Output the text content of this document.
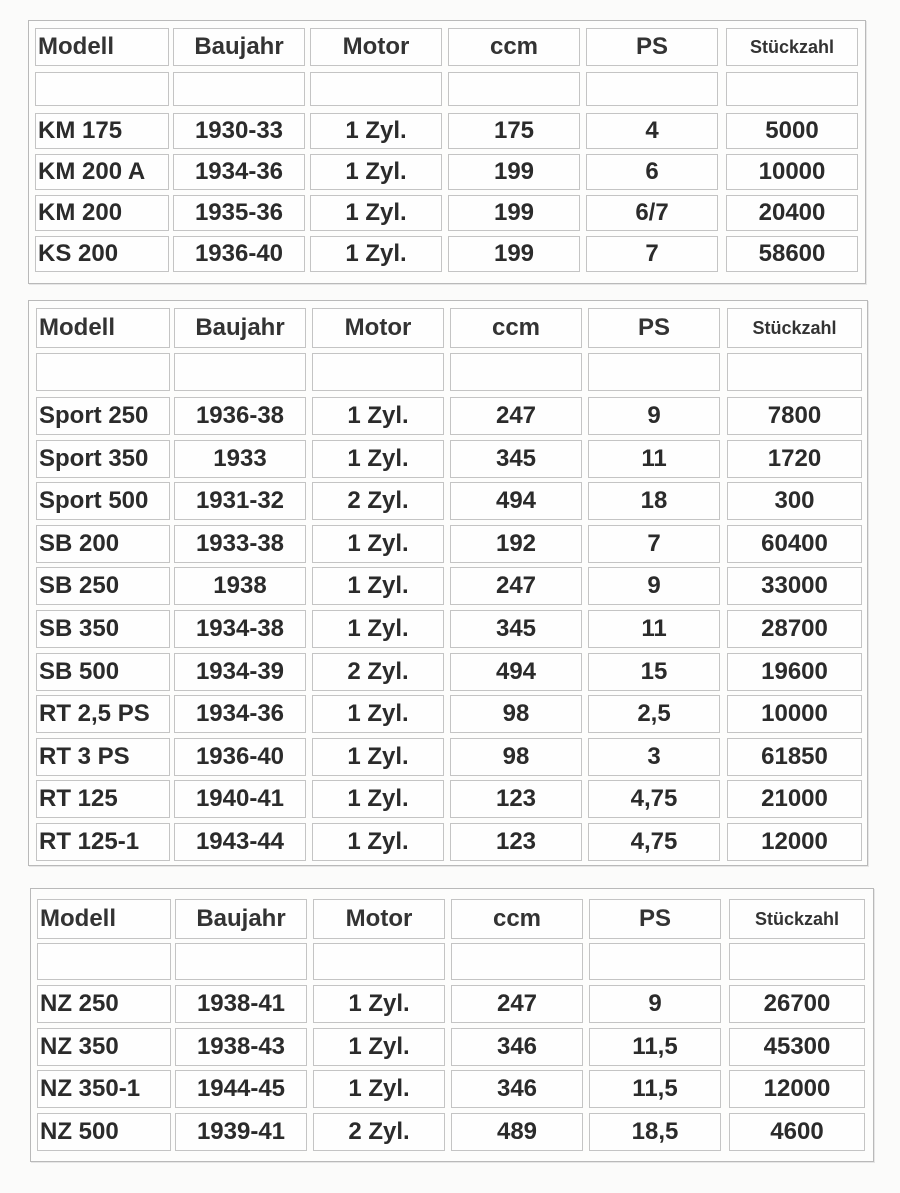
Modell	Baujahr	Motor	ccm	PS	Stückzahl
KM 175	1930-33	1 Zyl.	175	4	5000
KM 200 A	1934-36	1 Zyl.	199	6	10000
KM 200	1935-36	1 Zyl.	199	6/7	20400
KS 200	1936-40	1 Zyl.	199	7	58600
Modell	Baujahr	Motor	ccm	PS	Stückzahl
Sport 250	1936-38	1 Zyl.	247	9	7800
Sport 350	1933	1 Zyl.	345	11	1720
Sport 500	1931-32	2 Zyl.	494	18	300
SB 200	1933-38	1 Zyl.	192	7	60400
SB 250	1938	1 Zyl.	247	9	33000
SB 350	1934-38	1 Zyl.	345	11	28700
SB 500	1934-39	2 Zyl.	494	15	19600
RT 2,5 PS	1934-36	1 Zyl.	98	2,5	10000
RT 3 PS	1936-40	1 Zyl.	98	3	61850
RT 125	1940-41	1 Zyl.	123	4,75	21000
RT 125-1	1943-44	1 Zyl.	123	4,75	12000
Modell	Baujahr	Motor	ccm	PS	Stückzahl
NZ 250	1938-41	1 Zyl.	247	9	26700
NZ 350	1938-43	1 Zyl.	346	11,5	45300
NZ 350-1	1944-45	1 Zyl.	346	11,5	12000
NZ 500	1939-41	2 Zyl.	489	18,5	4600
